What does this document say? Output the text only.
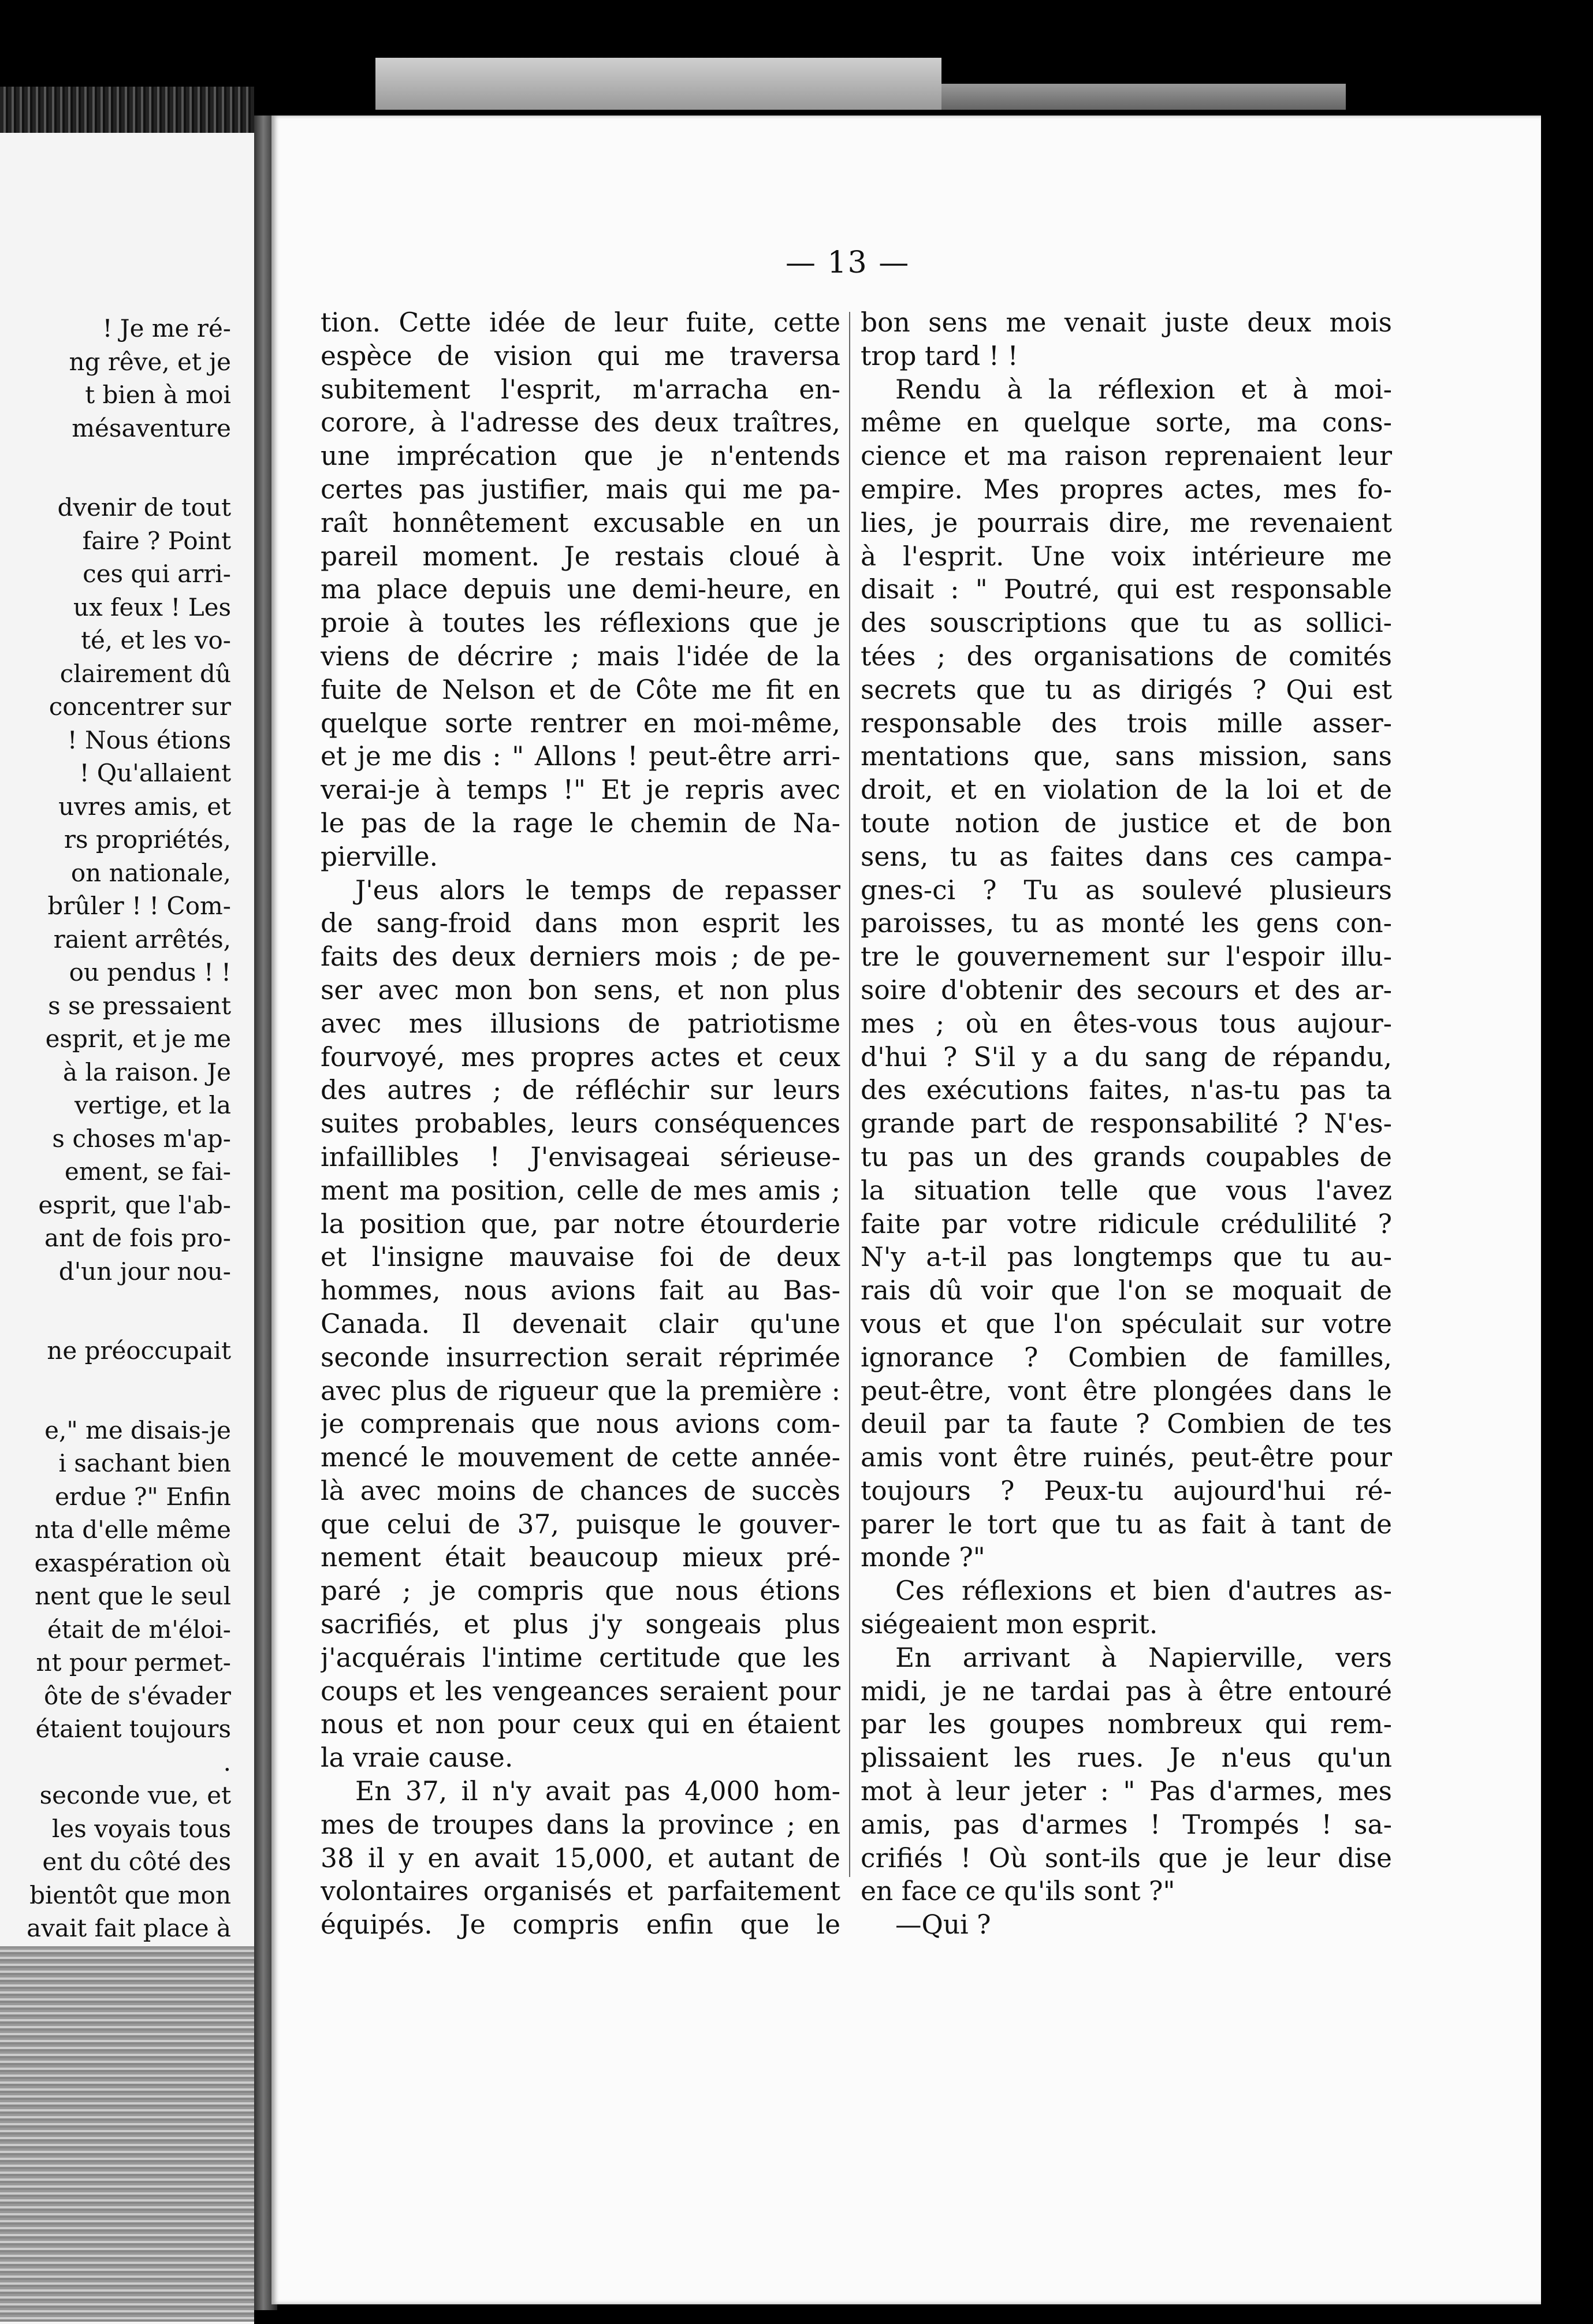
! Je me ré-
ng rêve, et je
t bien à moi
mésaventure
dvenir de tout
faire ? Point
ces qui arri-
ux feux ! Les
té, et les vo-
clairement dû
concentrer sur
! Nous étions
! Qu'allaient
uvres amis, et
rs propriétés,
on nationale,
brûler ! ! Com-
raient arrêtés,
ou pendus ! !
s se pressaient
esprit, et je me
à la raison. Je
vertige, et la
s choses m'ap-
ement, se fai-
esprit, que l'ab-
ant de fois pro-
d'un jour nou-
ne préoccupait
e," me disais-je
i sachant bien
erdue ?" Enfin
nta d'elle même
exaspération où
nent que le seul
était de m'éloi-
nt pour permet-
ôte de s'évader
étaient toujours
.
seconde vue, et
les voyais tous
ent du côté des
bientôt que mon
avait fait place à
— 13 —
tion. Cette idée de leur fuite, cette
espèce de vision qui me traversa
subitement l'esprit, m'arracha en-
corore, à l'adresse des deux traîtres,
une imprécation que je n'entends
certes pas justifier, mais qui me pa-
raît honnêtement excusable en un
pareil moment. Je restais cloué à
ma place depuis une demi-heure, en
proie à toutes les réflexions que je
viens de décrire ; mais l'idée de la
fuite de Nelson et de Côte me fit en
quelque sorte rentrer en moi-même,
et je me dis : " Allons ! peut-être arri-
verai-je à temps !" Et je repris avec
le pas de la rage le chemin de Na-
pierville.
J'eus alors le temps de repasser
de sang-froid dans mon esprit les
faits des deux derniers mois ; de pe-
ser avec mon bon sens, et non plus
avec mes illusions de patriotisme
fourvoyé, mes propres actes et ceux
des autres ; de réfléchir sur leurs
suites probables, leurs conséquences
infaillibles ! J'envisageai sérieuse-
ment ma position, celle de mes amis ;
la position que, par notre étourderie
et l'insigne mauvaise foi de deux
hommes, nous avions fait au Bas-
Canada. Il devenait clair qu'une
seconde insurrection serait réprimée
avec plus de rigueur que la première :
je comprenais que nous avions com-
mencé le mouvement de cette année-
là avec moins de chances de succès
que celui de 37, puisque le gouver-
nement était beaucoup mieux pré-
paré ; je compris que nous étions
sacrifiés, et plus j'y songeais plus
j'acquérais l'intime certitude que les
coups et les vengeances seraient pour
nous et non pour ceux qui en étaient
la vraie cause.
En 37, il n'y avait pas 4,000 hom-
mes de troupes dans la province ; en
38 il y en avait 15,000, et autant de
volontaires organisés et parfaitement
équipés. Je compris enfin que le
bon sens me venait juste deux mois
trop tard ! !
Rendu à la réflexion et à moi-
même en quelque sorte, ma cons-
cience et ma raison reprenaient leur
empire. Mes propres actes, mes fo-
lies, je pourrais dire, me revenaient
à l'esprit. Une voix intérieure me
disait : " Poutré, qui est responsable
des souscriptions que tu as sollici-
tées ; des organisations de comités
secrets que tu as dirigés ? Qui est
responsable des trois mille asser-
mentations que, sans mission, sans
droit, et en violation de la loi et de
toute notion de justice et de bon
sens, tu as faites dans ces campa-
gnes-ci ? Tu as soulevé plusieurs
paroisses, tu as monté les gens con-
tre le gouvernement sur l'espoir illu-
soire d'obtenir des secours et des ar-
mes ; où en êtes-vous tous aujour-
d'hui ? S'il y a du sang de répandu,
des exécutions faites, n'as-tu pas ta
grande part de responsabilité ? N'es-
tu pas un des grands coupables de
la situation telle que vous l'avez
faite par votre ridicule crédulilité ?
N'y a-t-il pas longtemps que tu au-
rais dû voir que l'on se moquait de
vous et que l'on spéculait sur votre
ignorance ? Combien de familles,
peut-être, vont être plongées dans le
deuil par ta faute ? Combien de tes
amis vont être ruinés, peut-être pour
toujours ? Peux-tu aujourd'hui ré-
parer le tort que tu as fait à tant de
monde ?"
Ces réflexions et bien d'autres as-
siégeaient mon esprit.
En arrivant à Napierville, vers
midi, je ne tardai pas à être entouré
par les goupes nombreux qui rem-
plissaient les rues. Je n'eus qu'un
mot à leur jeter : " Pas d'armes, mes
amis, pas d'armes ! Trompés ! sa-
crifiés ! Où sont-ils que je leur dise
en face ce qu'ils sont ?"
—Qui ?
